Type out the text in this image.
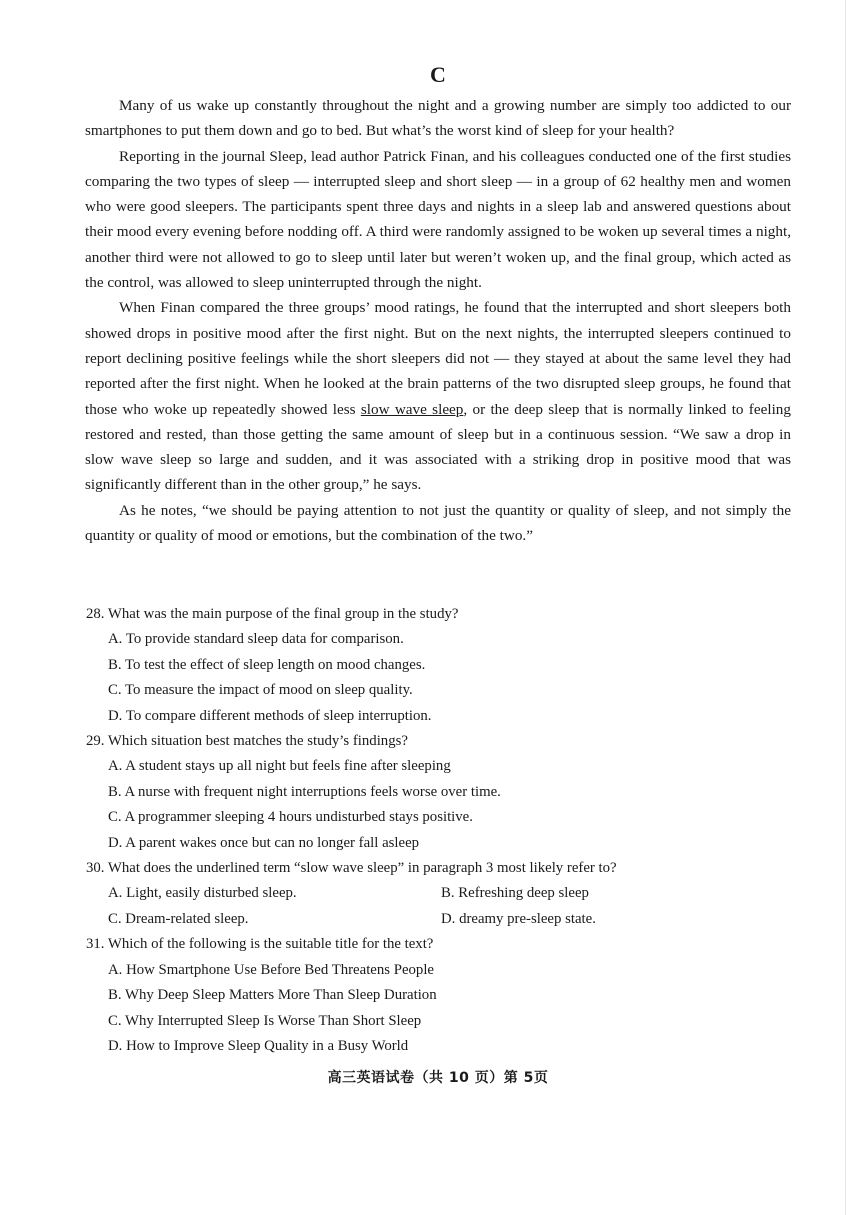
C

Many of us wake up constantly throughout the night and a growing number are simply too addicted to our smartphones to put them down and go to bed. But what’s the worst kind of sleep for your health?

Reporting in the journal Sleep, lead author Patrick Finan, and his colleagues conducted one of the first studies comparing the two types of sleep — interrupted sleep and short sleep — in a group of 62 healthy men and women who were good sleepers. The participants spent three days and nights in a sleep lab and answered questions about their mood every evening before nodding off. A third were randomly assigned to be woken up several times a night, another third were not allowed to go to sleep until later but weren’t woken up, and the final group, which acted as the control, was allowed to sleep uninterrupted through the night.

When Finan compared the three groups’ mood ratings, he found that the interrupted and short sleepers both showed drops in positive mood after the first night. But on the next nights, the interrupted sleepers continued to report declining positive feelings while the short sleepers did not — they stayed at about the same level they had reported after the first night. When he looked at the brain patterns of the two disrupted sleep groups, he found that those who woke up repeatedly showed less slow wave sleep, or the deep sleep that is normally linked to feeling restored and rested, than those getting the same amount of sleep but in a continuous session. “We saw a drop in slow wave sleep so large and sudden, and it was associated with a striking drop in positive mood that was significantly different than in the other group,” he says.

As he notes, “we should be paying attention to not just the quantity or quality of sleep, and not simply the quantity or quality of mood or emotions, but the combination of the two.”

28. What was the main purpose of the final group in the study?

A. To provide standard sleep data for comparison.

B. To test the effect of sleep length on mood changes.

C. To measure the impact of mood on sleep quality.

D. To compare different methods of sleep interruption.

29. Which situation best matches the study’s findings?

A. A student stays up all night but feels fine after sleeping

B. A nurse with frequent night interruptions feels worse over time.

C. A programmer sleeping 4 hours undisturbed stays positive.

D. A parent wakes once but can no longer fall asleep

30. What does the underlined term “slow wave sleep” in paragraph 3 most likely refer to?

A. Light, easily disturbed sleep.	B. Refreshing deep sleep

C. Dream-related sleep.	D. dreamy pre-sleep state.

31. Which of the following is the suitable title for the text?

A. How Smartphone Use Before Bed Threatens People

B. Why Deep Sleep Matters More Than Sleep Duration

C. Why Interrupted Sleep Is Worse Than Short Sleep

D. How to Improve Sleep Quality in a Busy World

高三英语试卷（共 10 页）第 5页
